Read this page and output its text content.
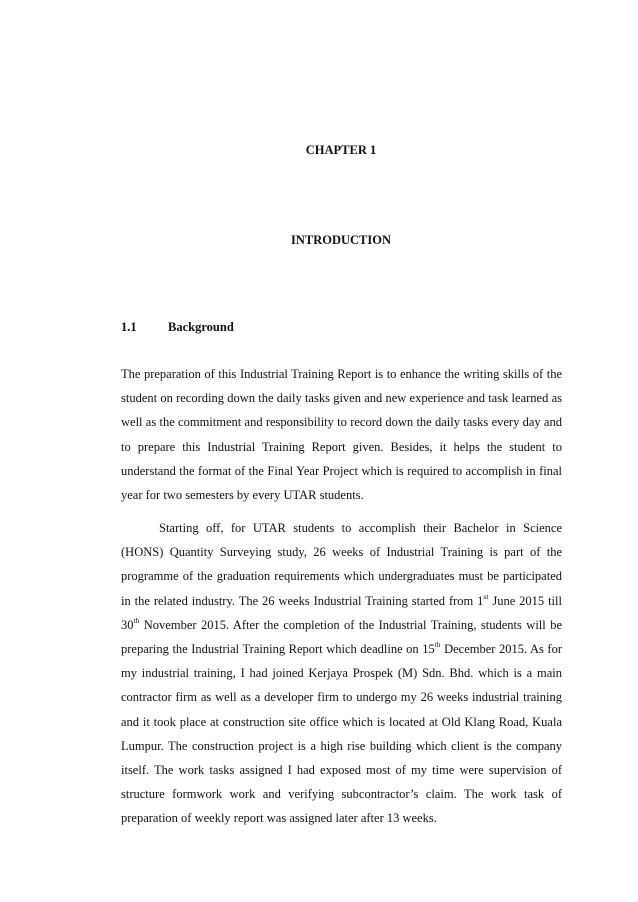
CHAPTER 1

INTRODUCTION

1.1	Background

The preparation of this Industrial Training Report is to enhance the writing skills of the student on recording down the daily tasks given and new experience and task learned as well as the commitment and responsibility to record down the daily tasks every day and to prepare this Industrial Training Report given. Besides, it helps the student to understand the format of the Final Year Project which is required to accomplish in final year for two semesters by every UTAR students.

Starting off, for UTAR students to accomplish their Bachelor in Science (HONS) Quantity Surveying study, 26 weeks of Industrial Training is part of the programme of the graduation requirements which undergraduates must be participated in the related industry. The 26 weeks Industrial Training started from 1st June 2015 till 30th November 2015. After the completion of the Industrial Training, students will be preparing the Industrial Training Report which deadline on 15th December 2015. As for my industrial training, I had joined Kerjaya Prospek (M) Sdn. Bhd. which is a main contractor firm as well as a developer firm to undergo my 26 weeks industrial training and it took place at construction site office which is located at Old Klang Road, Kuala Lumpur. The construction project is a high rise building which client is the company itself. The work tasks assigned I had exposed most of my time were supervision of structure formwork work and verifying subcontractor’s claim. The work task of preparation of weekly report was assigned later after 13 weeks.
